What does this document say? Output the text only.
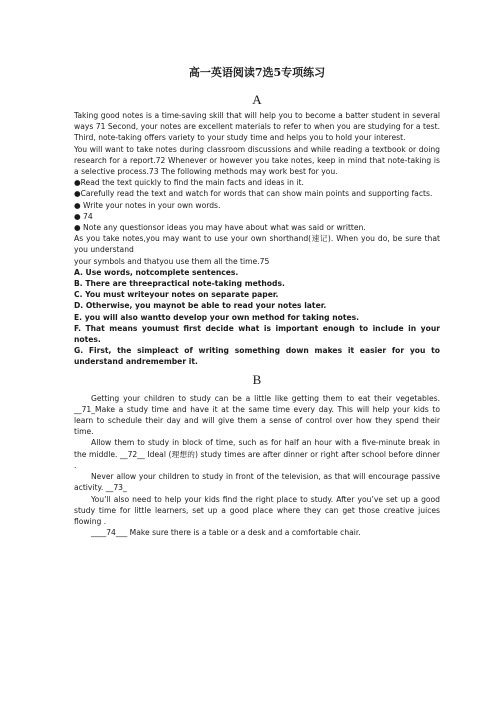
高一英语阅读7选5专项练习
A

Taking good notes is a time-saving skill that will help you to become a batter student in several ways 71 Second, your notes are excellent materials to refer to when you are studying for a test. Third, note-taking offers variety to your study time and helps you to hold your interest.

You will want to take notes during classroom discussions and while reading a textbook or doing research for a report.72 Whenever or however you take notes, keep in mind that note-taking is a selective process.73 The following methods may work best for you.

●Read the text quickly to find the main facts and ideas in it.

●Carefully read the text and watch for words that can show main points and supporting facts.

● Write your notes in your own words.

● 74

● Note any questionsor ideas you may have about what was said or written.

As you take notes,you may want to use your own shorthand(速记). When you do, be sure that you understand

your symbols and thatyou use them all the time.75

A. Use words, notcomplete sentences.

B. There are threepractical note-taking methods.

C. You must writeyour notes on separate paper.

D. Otherwise, you maynot be able to read your notes later.

E. you will also wantto develop your own method for taking notes.

F. That means youmust first decide what is important enough to include in your notes.

G. First, the simpleact of writing something down makes it easier for you to understand andremember it.

B

Getting your children to study can be a little like getting them to eat their vegetables. __71_Make a study time and have it at the same time every day. This will help your kids to learn to schedule their day and will give them a sense of control over how they spend their time.

Allow them to study in block of time, such as for half an hour with a five-minute break in the middle. __72__ Ideal (理想的) study times are after dinner or right after school before dinner .

Never allow your children to study in front of the television, as that will encourage passive activity. __73_

You’ll also need to help your kids find the right place to study. After you’ve set up a good study time for little learners, set up a good place where they can get those creative juices flowing .

____74___ Make sure there is a table or a desk and a comfortable chair.
